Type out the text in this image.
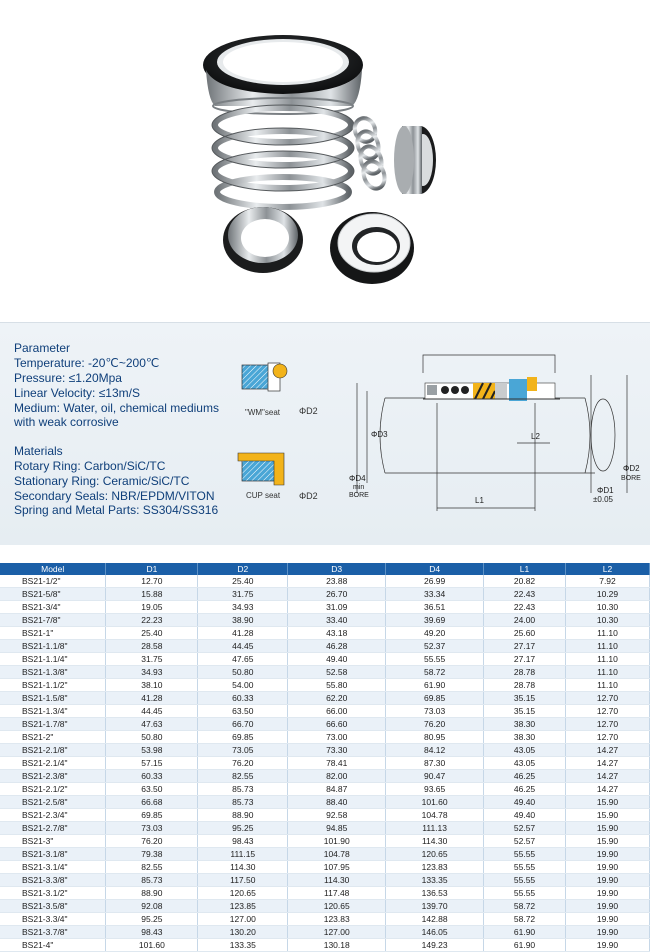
Parameter
Temperature: -20℃~200℃
Pressure: ≤1.20Mpa
Linear Velocity: ≤13m/S
Medium: Water, oil, chemical mediums
with weak corrosive
Materials
Rotary Ring: Carbon/SiC/TC
Stationary Ring: Ceramic/SiC/TC
Secondary Seals: NBR/EPDM/VITON
Spring and Metal Parts: SS304/SS316
"WM"seat ΦD2
CUP seat ΦD2
ΦD3
ΦD4
min
BORE
L1
L2
ΦD1
±0.05
ΦD2
BORE
Model	D1	D2	D3	D4	L1	L2
BS21-1/2"	12.70	25.40	23.88	26.99	20.82	7.92
BS21-5/8"	15.88	31.75	26.70	33.34	22.43	10.29
BS21-3/4"	19.05	34.93	31.09	36.51	22.43	10.30
BS21-7/8"	22.23	38.90	33.40	39.69	24.00	10.30
BS21-1"	25.40	41.28	43.18	49.20	25.60	11.10
BS21-1.1/8"	28.58	44.45	46.28	52.37	27.17	11.10
BS21-1.1/4"	31.75	47.65	49.40	55.55	27.17	11.10
BS21-1.3/8"	34.93	50.80	52.58	58.72	28.78	11.10
BS21-1.1/2"	38.10	54.00	55.80	61.90	28.78	11.10
BS21-1.5/8"	41.28	60.33	62.20	69.85	35.15	12.70
BS21-1.3/4"	44.45	63.50	66.00	73.03	35.15	12.70
BS21-1.7/8"	47.63	66.70	66.60	76.20	38.30	12.70
BS21-2"	50.80	69.85	73.00	80.95	38.30	12.70
BS21-2.1/8"	53.98	73.05	73.30	84.12	43.05	14.27
BS21-2.1/4"	57.15	76.20	78.41	87.30	43.05	14.27
BS21-2.3/8"	60.33	82.55	82.00	90.47	46.25	14.27
BS21-2.1/2"	63.50	85.73	84.87	93.65	46.25	14.27
BS21-2.5/8"	66.68	85.73	88.40	101.60	49.40	15.90
BS21-2.3/4"	69.85	88.90	92.58	104.78	49.40	15.90
BS21-2.7/8"	73.03	95.25	94.85	111.13	52.57	15.90
BS21-3"	76.20	98.43	101.90	114.30	52.57	15.90
BS21-3.1/8"	79.38	111.15	104.78	120.65	55.55	19.90
BS21-3.1/4"	82.55	114.30	107.95	123.83	55.55	19.90
BS21-3.3/8"	85.73	117.50	114.30	133.35	55.55	19.90
BS21-3.1/2"	88.90	120.65	117.48	136.53	55.55	19.90
BS21-3.5/8"	92.08	123.85	120.65	139.70	58.72	19.90
BS21-3.3/4"	95.25	127.00	123.83	142.88	58.72	19.90
BS21-3.7/8"	98.43	130.20	127.00	146.05	61.90	19.90
BS21-4"	101.60	133.35	130.18	149.23	61.90	19.90
